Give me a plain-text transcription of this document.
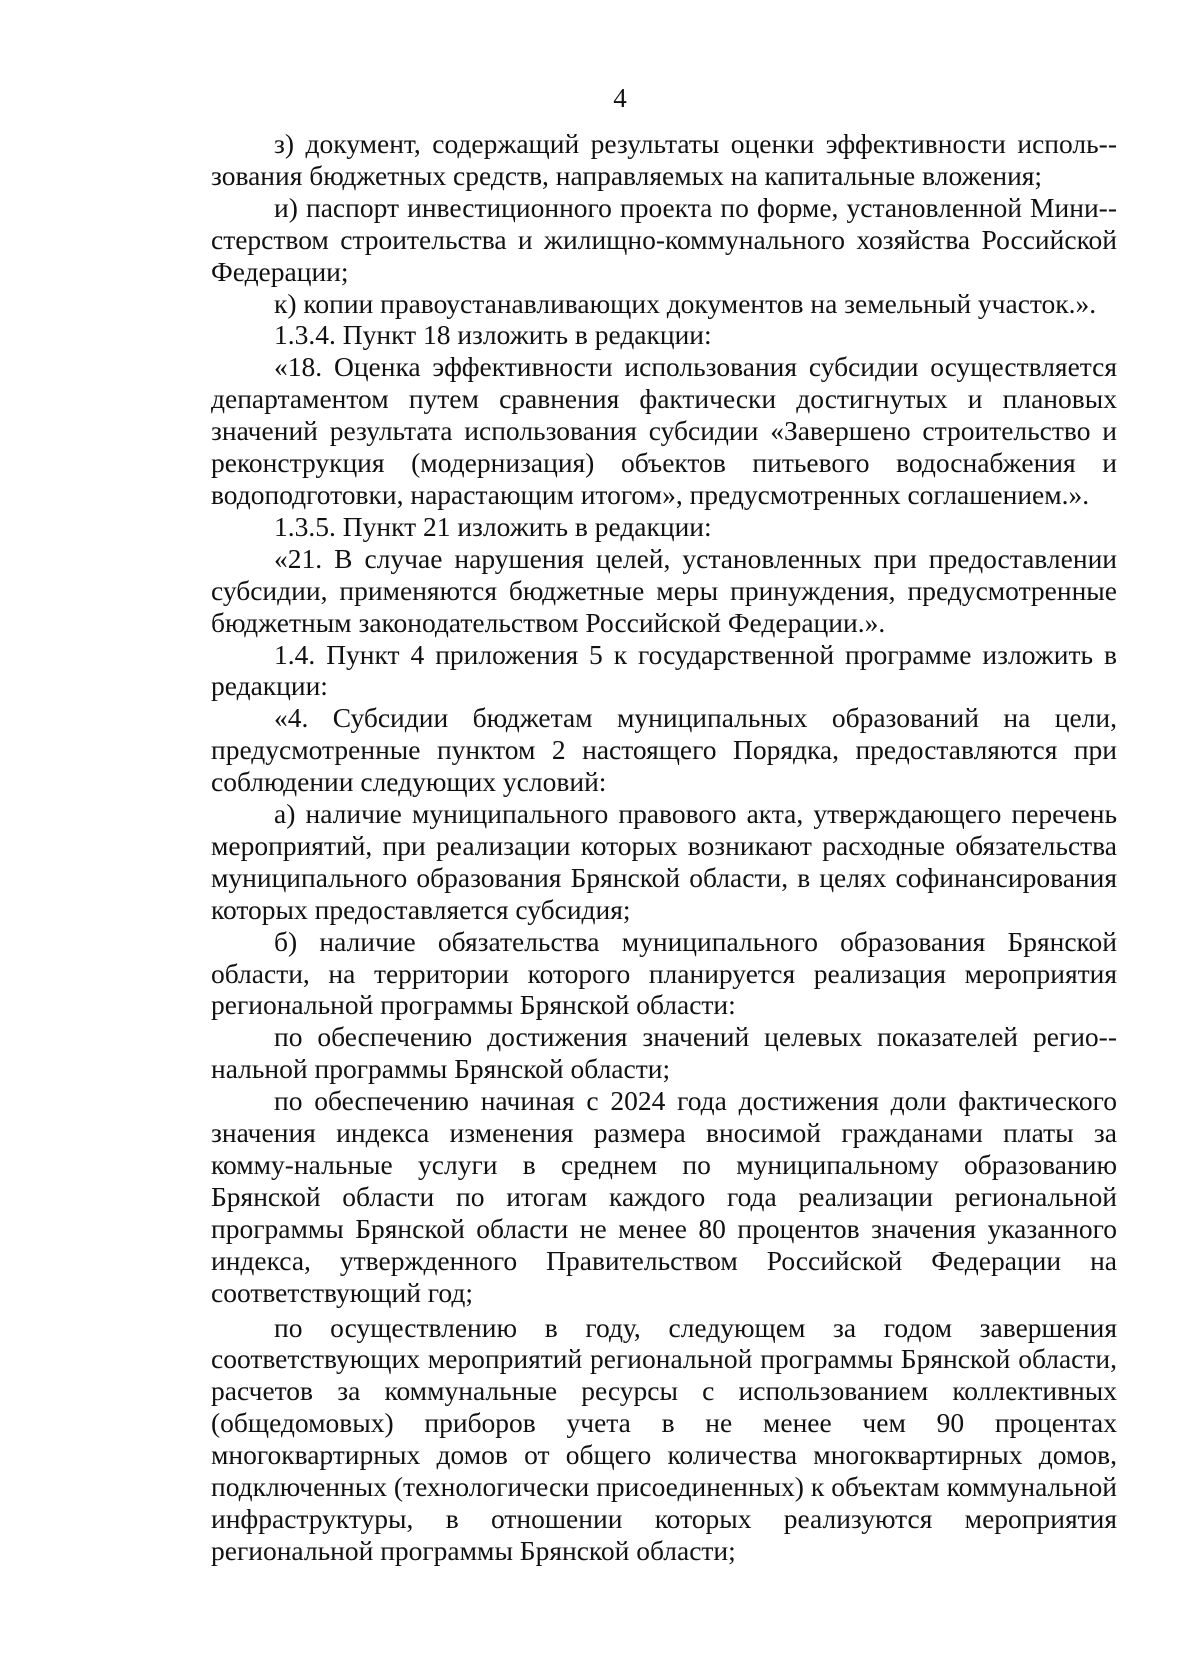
4

з) документ, содержащий результаты оценки эффективности исполь-зования бюджетных средств, направляемых на капитальные вложения;

и) паспорт инвестиционного проекта по форме, установленной Мини-стерством строительства и жилищно-коммунального хозяйства Российской Федерации;

к) копии правоустанавливающих документов на земельный участок.».

1.3.4. Пункт 18 изложить в редакции:

«18. Оценка эффективности использования субсидии осуществляется департаментом путем сравнения фактически достигнутых и плановых значений результата использования субсидии «Завершено строительство и реконструкция (модернизация) объектов питьевого водоснабжения и водоподготовки, нарастающим итогом», предусмотренных соглашением.».

1.3.5. Пункт 21 изложить в редакции:

«21. В случае нарушения целей, установленных при предоставлении субсидии, применяются бюджетные меры принуждения, предусмотренные бюджетным законодательством Российской Федерации.».

1.4. Пункт 4 приложения 5 к государственной программе изложить в редакции:

«4. Субсидии бюджетам муниципальных образований на цели, предусмотренные пунктом 2 настоящего Порядка, предоставляются при соблюдении следующих условий:

а) наличие муниципального правового акта, утверждающего перечень мероприятий, при реализации которых возникают расходные обязательства муниципального образования Брянской области, в целях софинансирования которых предоставляется субсидия;

б) наличие обязательства муниципального образования Брянской области, на территории которого планируется реализация мероприятия региональной программы Брянской области:

по обеспечению достижения значений целевых показателей регио-нальной программы Брянской области;

по обеспечению начиная с 2024 года достижения доли фактического значения индекса изменения размера вносимой гражданами платы за комму-нальные услуги в среднем по муниципальному образованию Брянской области по итогам каждого года реализации региональной программы Брянской области не менее 80 процентов значения указанного индекса, утвержденного Правительством Российской Федерации на соответствующий год;

по осуществлению в году, следующем за годом завершения соответствующих мероприятий региональной программы Брянской области, расчетов за коммунальные ресурсы с использованием коллективных (общедомовых) приборов учета в не менее чем 90 процентах многоквартирных домов от общего количества многоквартирных домов, подключенных (технологически присоединенных) к объектам коммунальной инфраструктуры, в отношении которых реализуются мероприятия региональной программы Брянской области;
